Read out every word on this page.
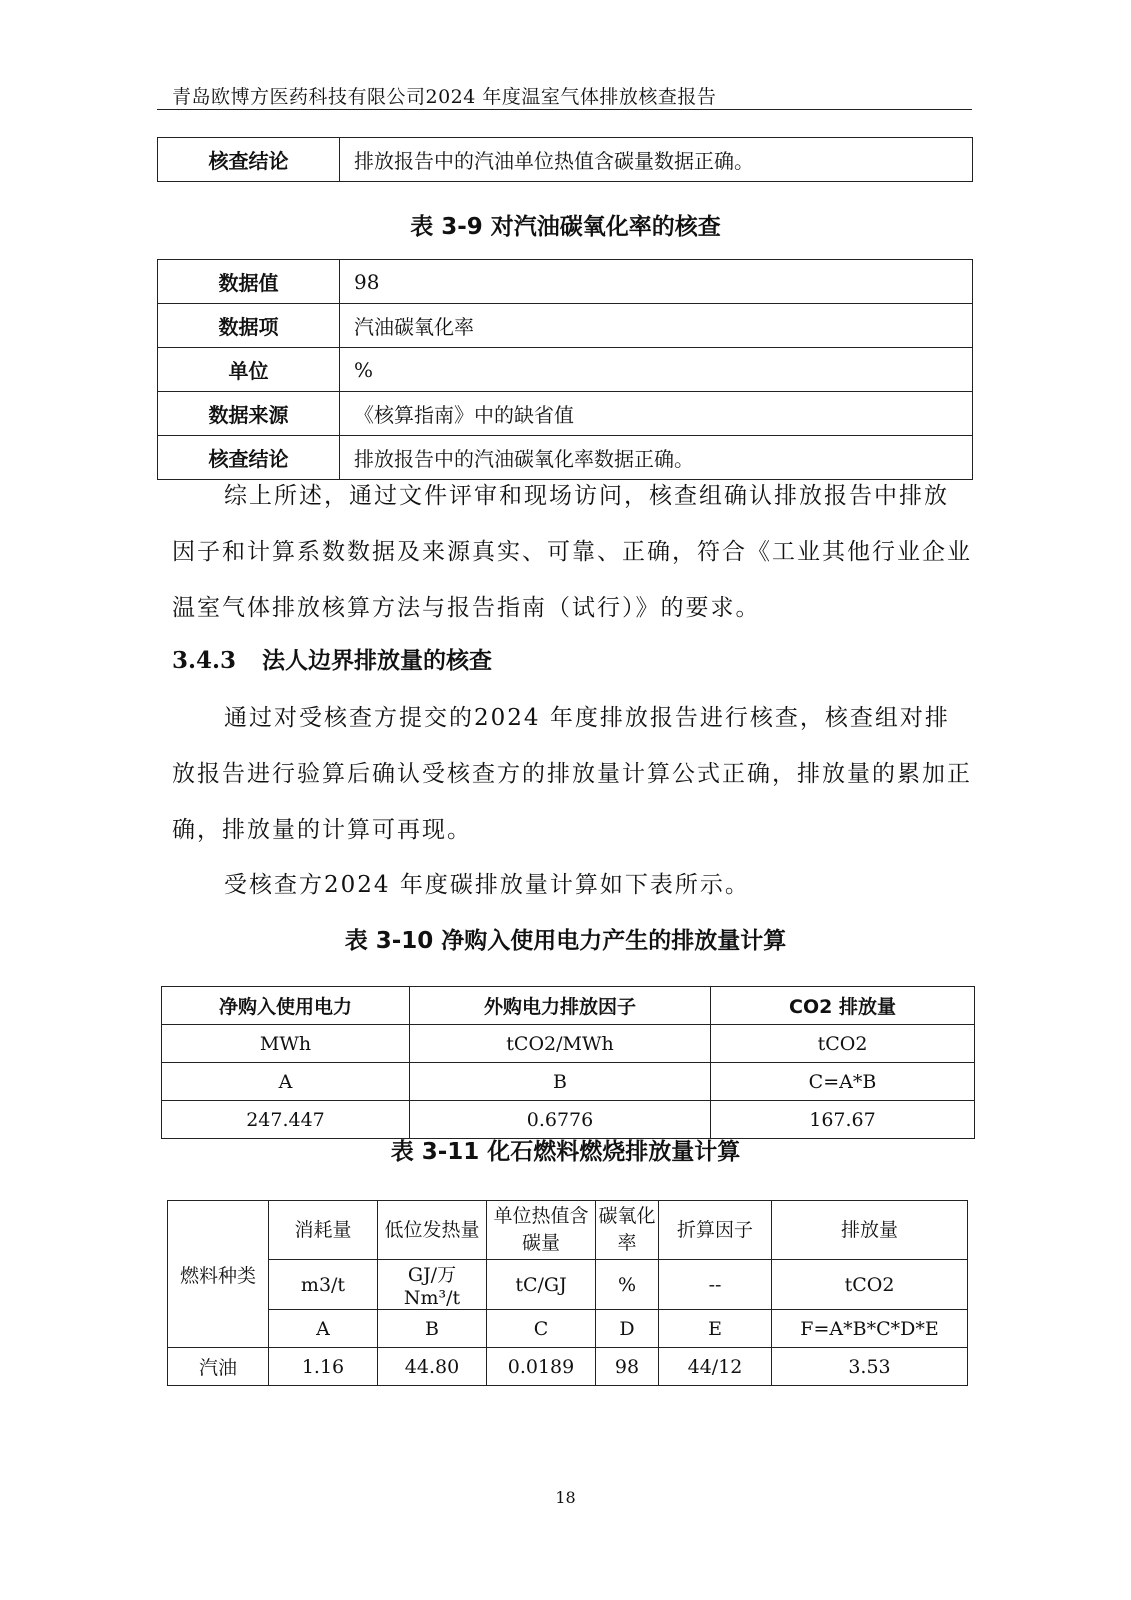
青岛欧博方医药科技有限公司2024 年度温室气体排放核查报告
核查结论	排放报告中的汽油单位热值含碳量数据正确。
表 3-9 对汽油碳氧化率的核查
数据值	98
数据项	汽油碳氧化率
单位	%
数据来源	《核算指南》中的缺省值
核查结论	排放报告中的汽油碳氧化率数据正确。
综上所述，通过文件评审和现场访问，核查组确认排放报告中排放因子和计算系数数据及来源真实、可靠、正确，符合《工业其他行业企业温室气体排放核算方法与报告指南（试行）》的要求。
3.4.3 法人边界排放量的核查
通过对受核查方提交的2024 年度排放报告进行核查，核查组对排放报告进行验算后确认受核查方的排放量计算公式正确，排放量的累加正确，排放量的计算可再现。
受核查方2024 年度碳排放量计算如下表所示。
表 3-10 净购入使用电力产生的排放量计算
净购入使用电力	外购电力排放因子	CO2 排放量
MWh	tCO2/MWh	tCO2
A	B	C=A*B
247.447	0.6776	167.67
表 3-11 化石燃料燃烧排放量计算
燃料种类	消耗量	低位发热量	单位热值含碳量	碳氧化率	折算因子	排放量
	m3/t	GJ/万 Nm³/t	tC/GJ	%	--	tCO2
	A	B	C	D	E	F=A*B*C*D*E
汽油	1.16	44.80	0.0189	98	44/12	3.53
18
